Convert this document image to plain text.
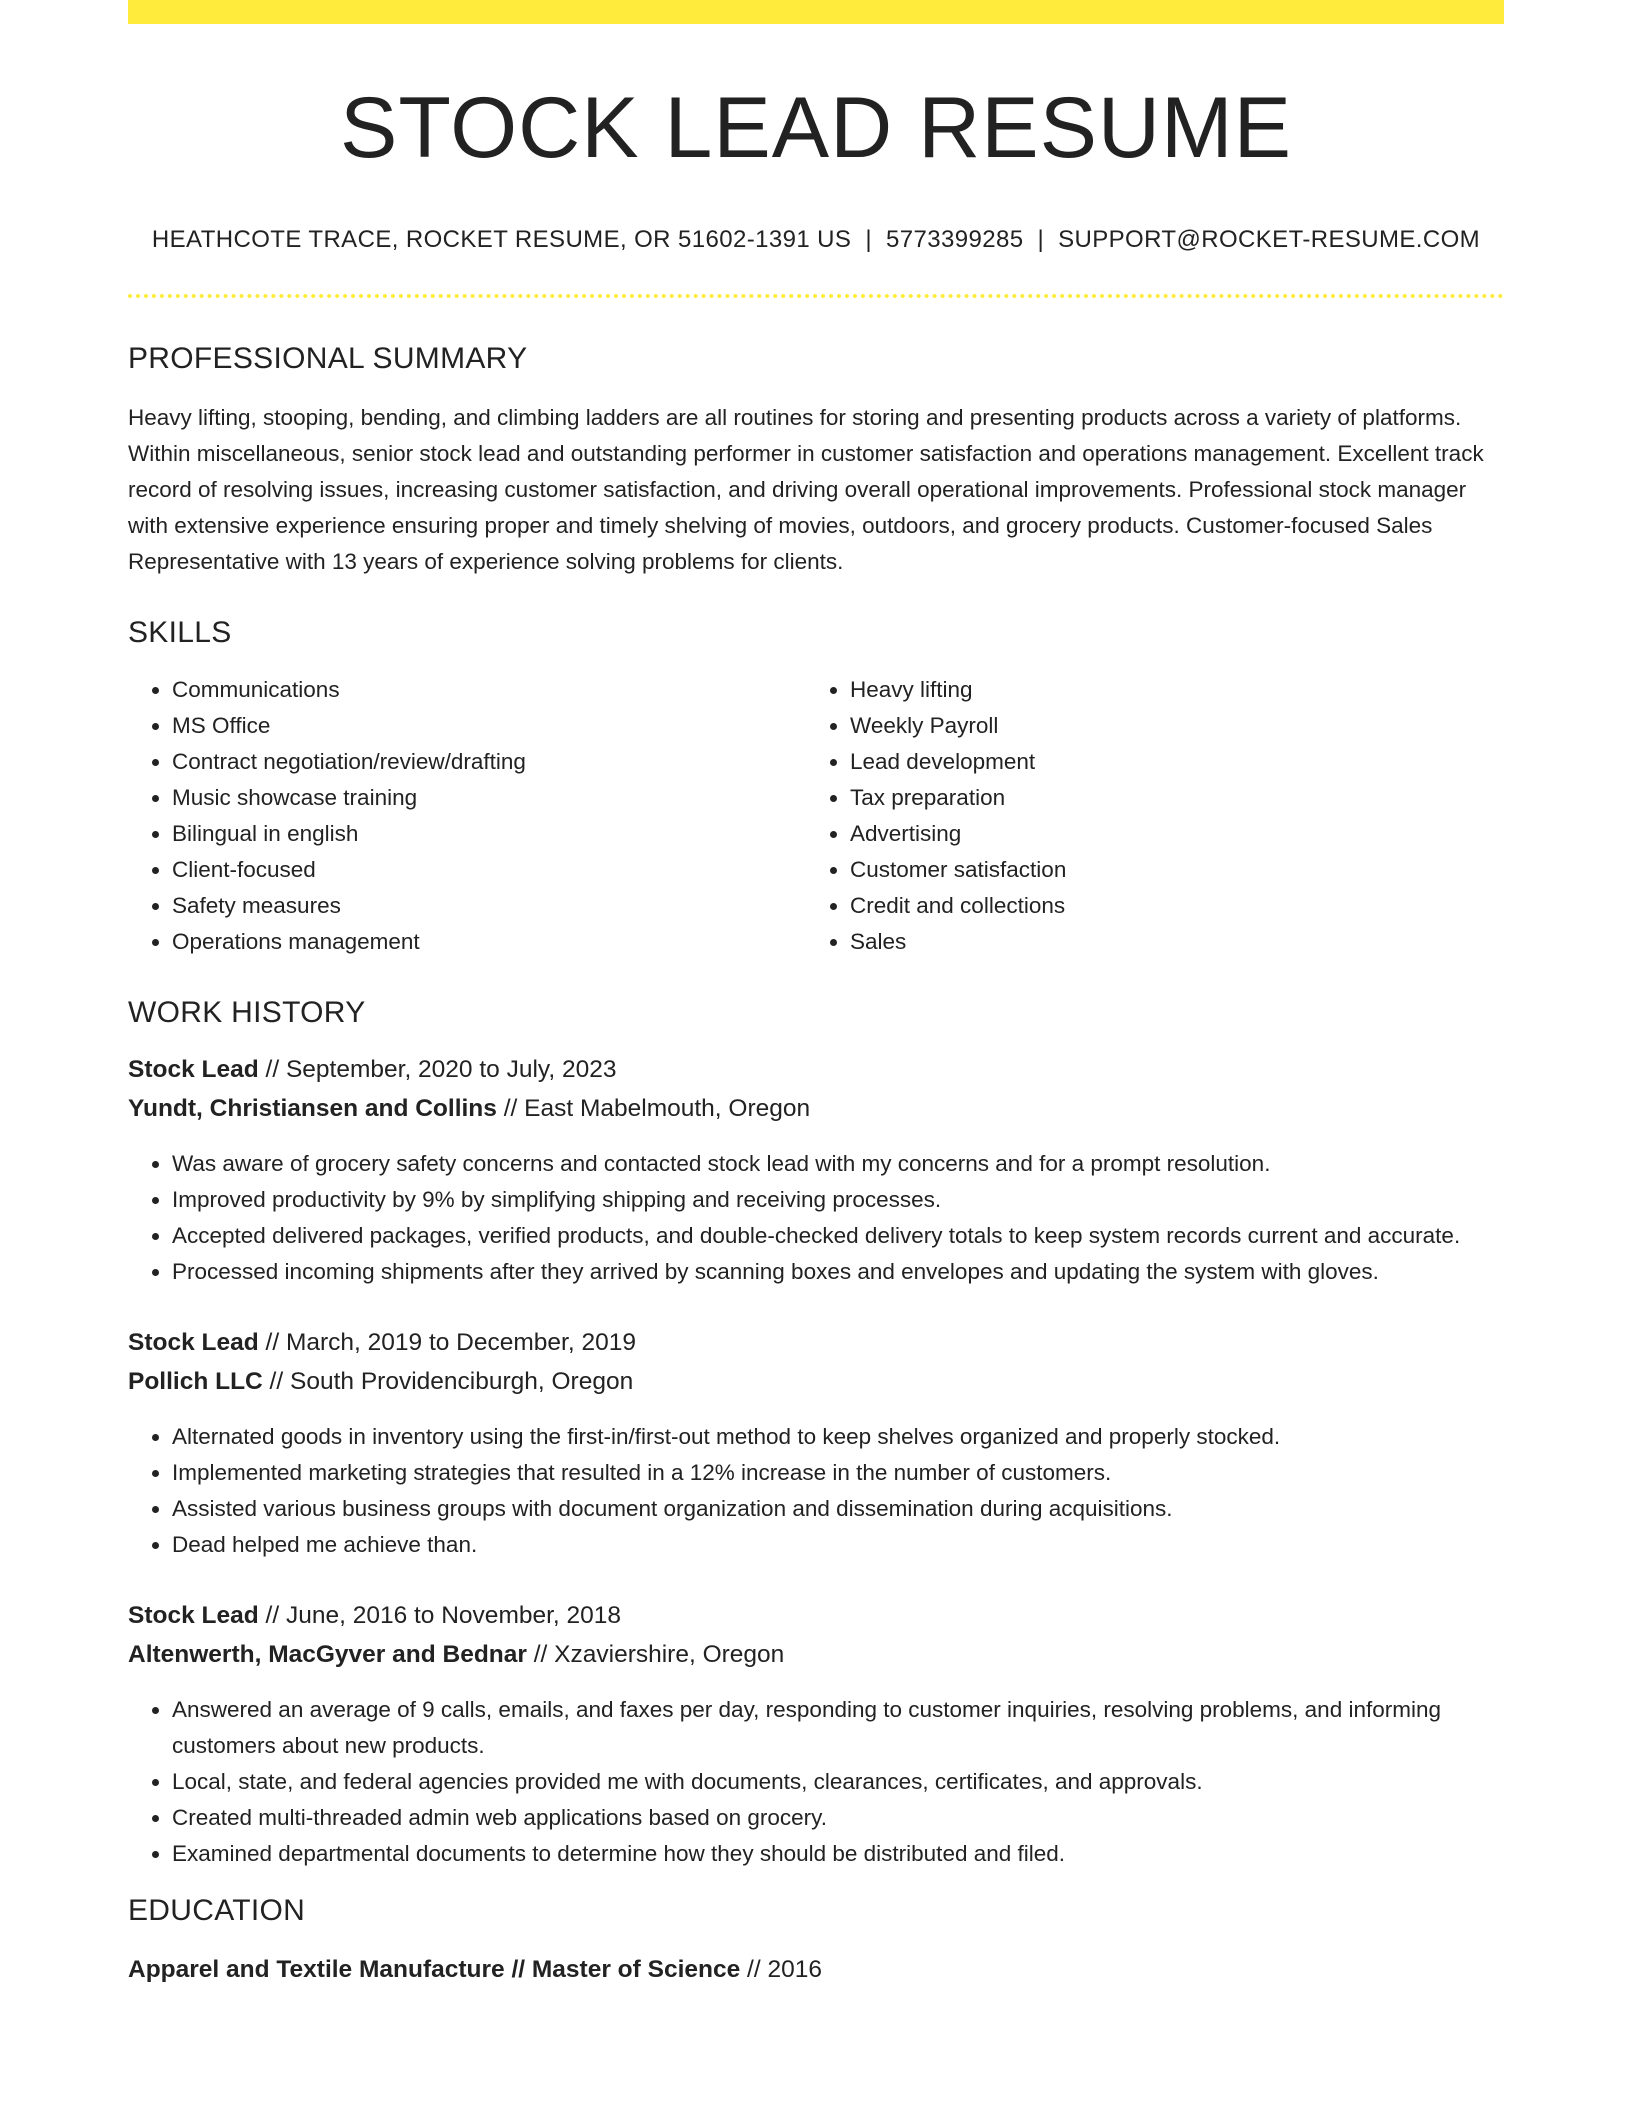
STOCK LEAD RESUME
HEATHCOTE TRACE, ROCKET RESUME, OR 51602-1391 US | 5773399285 | SUPPORT@ROCKET-RESUME.COM
PROFESSIONAL SUMMARY

Heavy lifting, stooping, bending, and climbing ladders are all routines for storing and presenting products across a variety of platforms. Within miscellaneous, senior stock lead and outstanding performer in customer satisfaction and operations management. Excellent track record of resolving issues, increasing customer satisfaction, and driving overall operational improvements. Professional stock manager with extensive experience ensuring proper and timely shelving of movies, outdoors, and grocery products. Customer-focused Sales Representative with 13 years of experience solving problems for clients.

SKILLS
• Communications
• MS Office
• Contract negotiation/review/drafting
• Music showcase training
• Bilingual in english
• Client-focused
• Safety measures
• Operations management
• Heavy lifting
• Weekly Payroll
• Lead development
• Tax preparation
• Advertising
• Customer satisfaction
• Credit and collections
• Sales
WORK HISTORY
Stock Lead // September, 2020 to July, 2023
Yundt, Christiansen and Collins // East Mabelmouth, Oregon
• Was aware of grocery safety concerns and contacted stock lead with my concerns and for a prompt resolution.
• Improved productivity by 9% by simplifying shipping and receiving processes.
• Accepted delivered packages, verified products, and double-checked delivery totals to keep system records current and accurate.
• Processed incoming shipments after they arrived by scanning boxes and envelopes and updating the system with gloves.
Stock Lead // March, 2019 to December, 2019
Pollich LLC // South Providenciburgh, Oregon
• Alternated goods in inventory using the first-in/first-out method to keep shelves organized and properly stocked.
• Implemented marketing strategies that resulted in a 12% increase in the number of customers.
• Assisted various business groups with document organization and dissemination during acquisitions.
• Dead helped me achieve than.
Stock Lead // June, 2016 to November, 2018
Altenwerth, MacGyver and Bednar // Xzaviershire, Oregon
• Answered an average of 9 calls, emails, and faxes per day, responding to customer inquiries, resolving problems, and informing customers about new products.
• Local, state, and federal agencies provided me with documents, clearances, certificates, and approvals.
• Created multi-threaded admin web applications based on grocery.
• Examined departmental documents to determine how they should be distributed and filed.
EDUCATION
Apparel and Textile Manufacture // Master of Science // 2016
